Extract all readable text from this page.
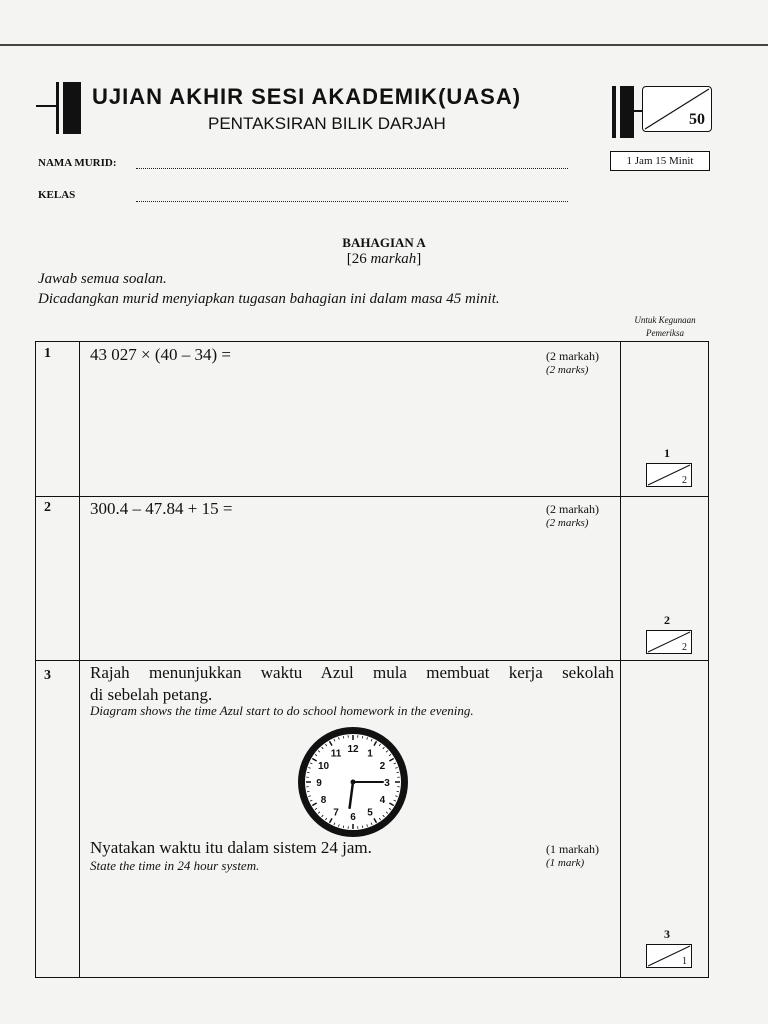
UJIAN AKHIR SESI AKADEMIK(UASA)
PENTAKSIRAN BILIK DARJAH	50
1 Jam 15 Minit
NAMA MURID:
KELAS
BAHAGIAN A
[26 markah]
Jawab semua soalan.
Dicadangkan murid menyiapkan tugasan bahagian ini dalam masa 45 minit.
Untuk Kegunaan
Pemeriksa
1 43 027 × (40 – 34) =	(2 markah)
(2 marks)
1
2
2 300.4 – 47.84 + 15 =	(2 markah)
(2 marks)
2
2
3 Rajah menunjukkan waktu Azul mula membuat kerja sekolah
di sebelah petang.
Diagram shows the time Azul start to do school homework in the evening.
12 1
2
3
4
5
6
7
8
9
10
11
Nyatakan waktu itu dalam sistem 24 jam.
State the time in 24 hour system.
(1 markah)
(1 mark)
3
1
